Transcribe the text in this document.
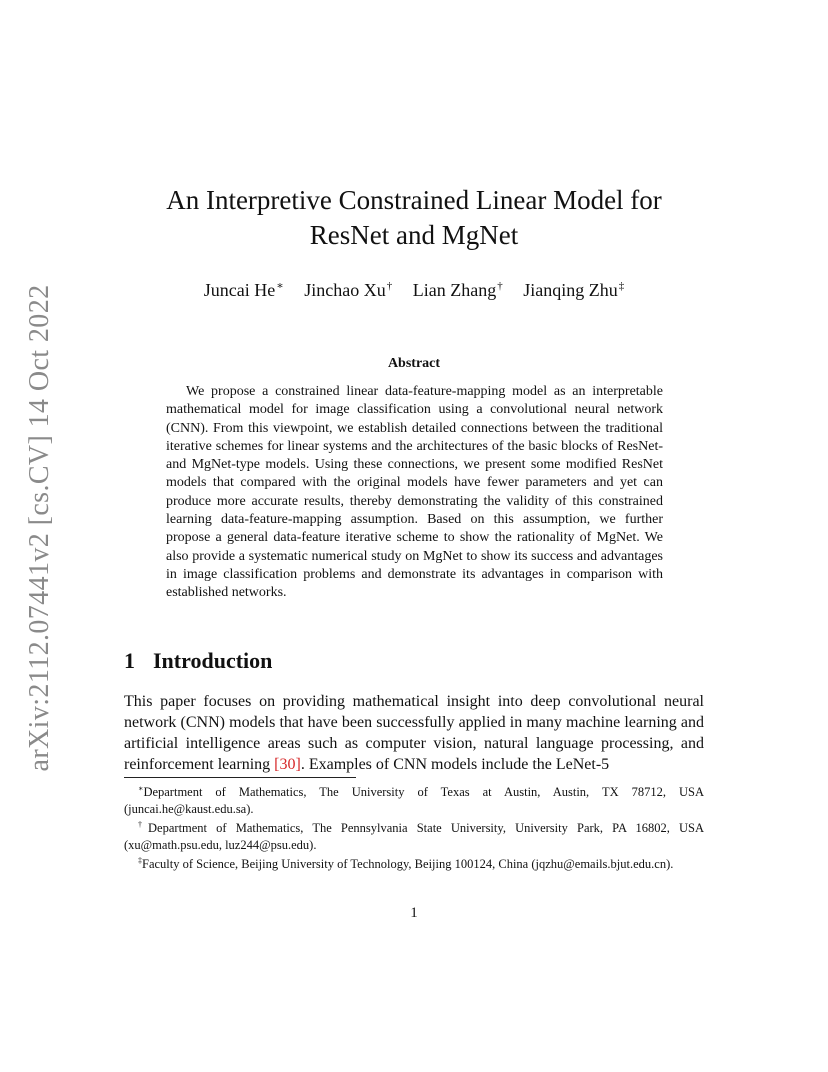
arXiv:2112.07441v2 [cs.CV] 14 Oct 2022
An Interpretive Constrained Linear Model for
ResNet and MgNet
Juncai He∗ Jinchao Xu† Lian Zhang† Jianqing Zhu‡
Abstract

We propose a constrained linear data-feature-mapping model as an interpretable mathematical model for image classification using a convolutional neural network (CNN). From this viewpoint, we establish detailed connections between the traditional iterative schemes for linear systems and the architectures of the basic blocks of ResNet- and MgNet-type models. Using these connections, we present some modified ResNet models that compared with the original models have fewer parameters and yet can produce more accurate results, thereby demonstrating the validity of this constrained learning data-feature-mapping assumption. Based on this assumption, we further propose a general data-feature iterative scheme to show the rationality of MgNet. We also provide a systematic numerical study on MgNet to show its success and advantages in image classification problems and demonstrate its advantages in comparison with established networks.

1 Introduction

This paper focuses on providing mathematical insight into deep convolutional neural network (CNN) models that have been successfully applied in many machine learning and artificial intelligence areas such as computer vision, natural language processing, and reinforcement learning [30]. Examples of CNN models include the LeNet-5

∗Department of Mathematics, The University of Texas at Austin, Austin, TX 78712, USA (juncai.he@kaust.edu.sa).

†Department of Mathematics, The Pennsylvania State University, University Park, PA 16802, USA (xu@math.psu.edu, luz244@psu.edu).

‡Faculty of Science, Beijing University of Technology, Beijing 100124, China (jqzhu@emails.bjut.edu.cn).

1
